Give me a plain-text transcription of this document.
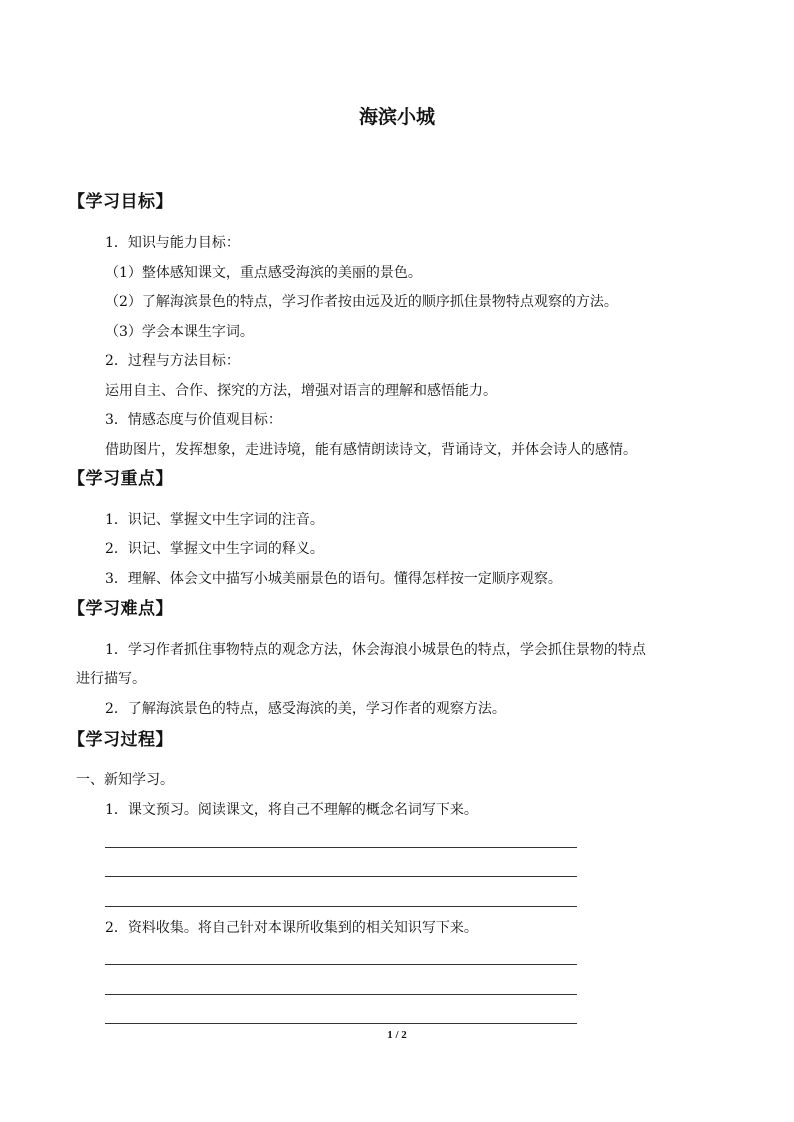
海滨小城
【学习目标】
1．知识与能力目标：
（1）整体感知课文，重点感受海滨的美丽的景色。
（2）了解海滨景色的特点，学习作者按由远及近的顺序抓住景物特点观察的方法。
（3）学会本课生字词。
2．过程与方法目标：
运用自主、合作、探究的方法，增强对语言的理解和感悟能力。
3．情感态度与价值观目标：
借助图片，发挥想象，走进诗境，能有感情朗读诗文，背诵诗文，并体会诗人的感情。
【学习重点】
1．识记、掌握文中生字词的注音。
2．识记、掌握文中生字词的释义。
3．理解、体会文中描写小城美丽景色的语句。懂得怎样按一定顺序观察。
【学习难点】
1．学习作者抓住事物特点的观念方法，休会海浪小城景色的特点，学会抓住景物的特点
进行描写。
2．了解海滨景色的特点，感受海滨的美，学习作者的观察方法。
【学习过程】
一、新知学习。
1．课文预习。阅读课文，将自己不理解的概念名词写下来。
2．资料收集。将自己针对本课所收集到的相关知识写下来。
1 / 2
